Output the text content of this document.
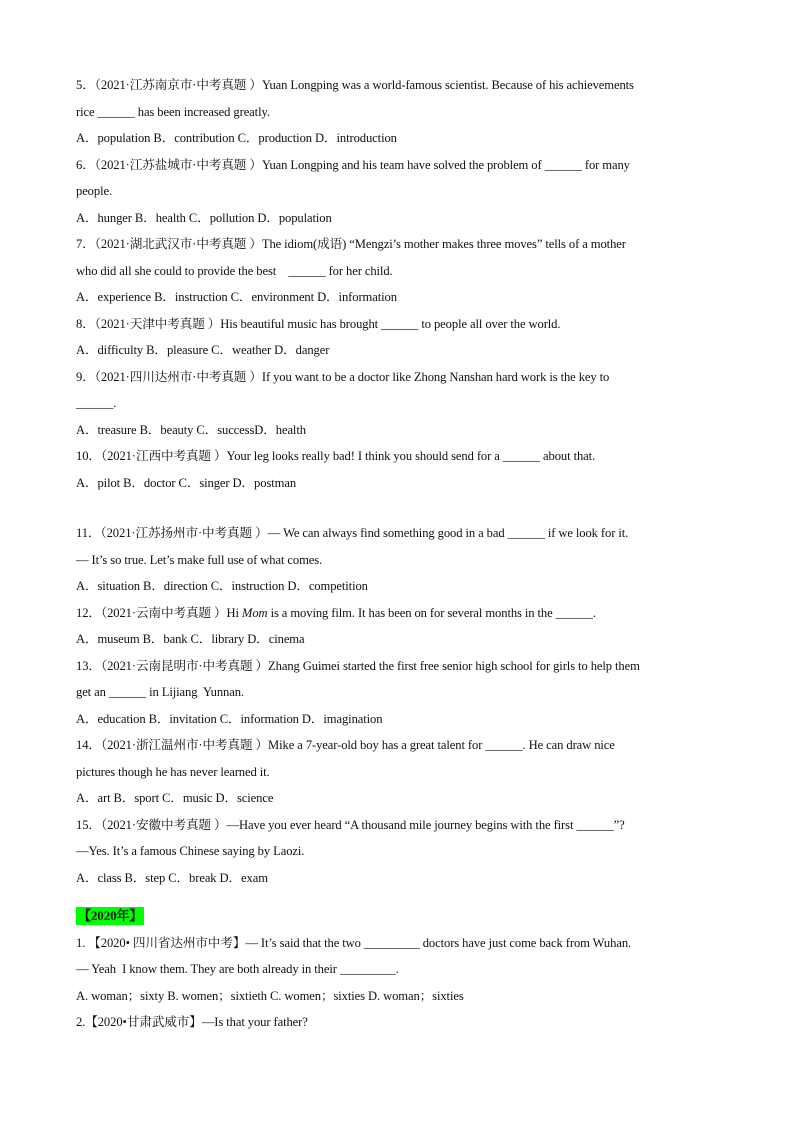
5．（2021·江苏南京市·中考真题 ）Yuan Longping was a world-famous scientist. Because of his achievements
rice ______ has been increased greatly.
A．population B．contribution C．production D．introduction
6．（2021·江苏盐城市·中考真题 ）Yuan Longping and his team have solved the problem of ______ for many
people.
A．hunger B．health C．pollution D．population
7．（2021·湖北武汉市·中考真题 ）The idiom(成语) “Mengzi’s mother makes three moves” tells of a mother
who did all she could to provide the best    ______ for her child.
A．experience B．instruction C．environment D．information
8．（2021·天津中考真题 ）His beautiful music has brought ______ to people all over the world.
A．difficulty B．pleasure C．weather D．danger
9．（2021·四川达州市·中考真题 ）If you want to be a doctor like Zhong Nanshan hard work is the key to
______.
A．treasure B．beauty C．successD．health
10．（2021·江西中考真题 ）Your leg looks really bad! I think you should send for a ______ about that.
A．pilot B．doctor C．singer D．postman
11．（2021·江苏扬州市·中考真题 ）— We can always find something good in a bad ______ if we look for it.
— It’s so true. Let’s make full use of what comes.
A．situation B．direction C．instruction D．competition
12．（2021·云南中考真题 ）Hi Mom is a moving film. It has been on for several months in the ______.
A．museum B．bank C．library D．cinema
13．（2021·云南昆明市·中考真题 ）Zhang Guimei started the first free senior high school for girls to help them
get an ______ in Lijiang  Yunnan.
A．education B．invitation C．information D．imagination
14．（2021·浙江温州市·中考真题 ）Mike a 7-year-old boy has a great talent for ______. He can draw nice
pictures though he has never learned it.
A．art B．sport C．music D．science
15．（2021·安徽中考真题 ）—Have you ever heard “A thousand mile journey begins with the first ______”?
—Yes. It’s a famous Chinese saying by Laozi.
A．class B．step C．break D．exam
【2020年】
1. 【2020• 四川省达州市中考】— It’s said that the two _________ doctors have just come back from Wuhan.
— Yeah  I know them. They are both already in their _________.
A. woman；sixty B. women；sixtieth C. women；sixties D. woman；sixties
2.【2020•甘肃武威市】—Is that your father?
